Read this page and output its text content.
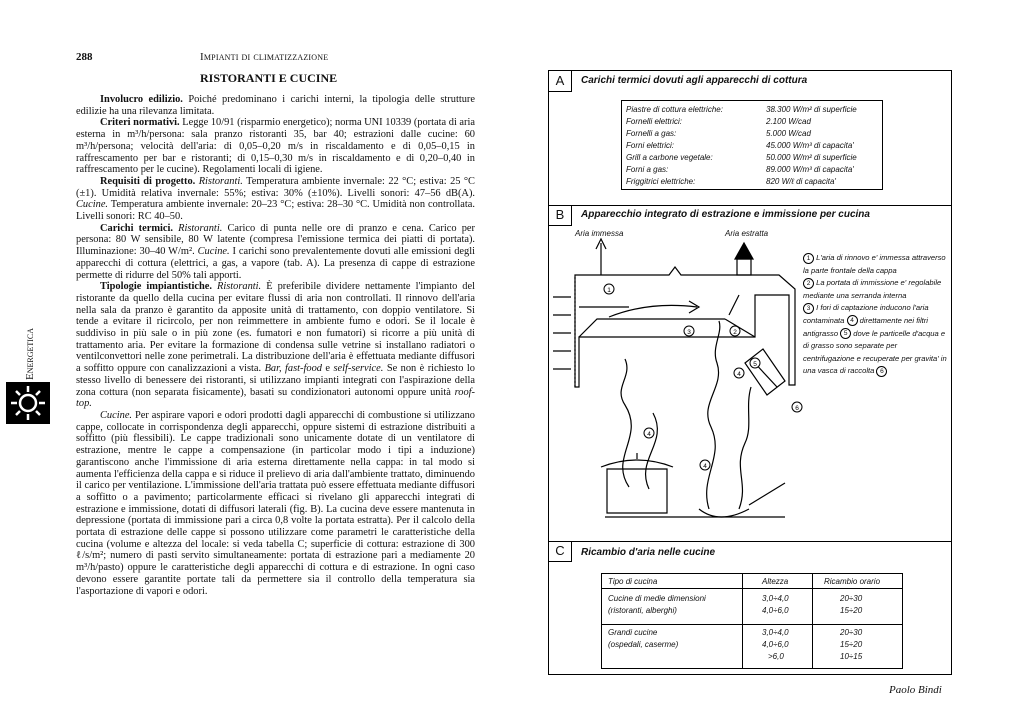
288	Impianti di climatizzazione
RISTORANTI E CUCINE
Energetica

Involucro edilizio. Poiché predominano i carichi interni, la tipologia delle strutture edilizie ha una rilevanza limitata.

Criteri normativi. Legge 10/91 (risparmio energetico); norma UNI 10339 (portata di aria esterna in m³/h/persona: sala pranzo ristoranti 35, bar 40; estrazioni dalle cucine: 60 m³/h/persona; velocità dell'aria: di 0,05–0,20 m/s in riscaldamento e di 0,05–0,15 in raffrescamento per bar e ristoranti; di 0,15–0,30 m/s in riscaldamento e di 0,20–0,40 in raffrescamento per le cucine). Regolamenti locali di igiene.

Requisiti di progetto. Ristoranti. Temperatura ambiente invernale: 22 °C; estiva: 25 °C (±1). Umidità relativa invernale: 55%; estiva: 30% (±10%). Livelli sonori: 47–56 dB(A). Cucine. Temperatura ambiente invernale: 20–23 °C; estiva: 28–30 °C. Umidità non controllata. Livelli sonori: RC 40–50.

Carichi termici. Ristoranti. Carico di punta nelle ore di pranzo e cena. Carico per persona: 80 W sensibile, 80 W latente (compresa l'emissione termica dei piatti di portata). Illuminazione: 30–40 W/m². Cucine. I carichi sono prevalentemente dovuti alle emissioni degli apparecchi di cottura (elettrici, a gas, a vapore (tab. A). La presenza di cappe di estrazione permette di ridurre del 50% tali apporti.

Tipologie impiantistiche. Ristoranti. È preferibile dividere nettamente l'impianto del ristorante da quello della cucina per evitare flussi di aria non controllati. Il rinnovo dell'aria nella sala da pranzo è garantito da apposite unità di trattamento, con doppio ventilatore. Si tende a evitare il ricircolo, per non reimmettere in ambiente fumo e odori. Se il locale è suddiviso in più sale o in più zone (es. fumatori e non fumatori) si ricorre a più unità di trattamento aria. Per evitare la formazione di condensa sulle vetrine si installano radiatori o ventilconvettori nelle zone perimetrali. La distribuzione dell'aria è effettuata mediante diffusori a soffitto oppure con canalizzazioni a vista. Bar, fast-food e self-service. Se non è richiesto lo stesso livello di benessere dei ristoranti, si utilizzano impianti integrati con l'aspirazione della zona cottura (non separata fisicamente), basati su condizionatori autonomi oppure unità roof-top.

Cucine. Per aspirare vapori e odori prodotti dagli apparecchi di combustione si utilizzano cappe, collocate in corrispondenza degli apparecchi, oppure sistemi di estrazione distribuiti a soffitto (più flessibili). Le cappe tradizionali sono unicamente dotate di un ventilatore di estrazione, mentre le cappe a compensazione (in particolar modo i tipi a induzione) garantiscono anche l'immissione di aria esterna direttamente nella cappa: in tal modo si aumenta l'efficienza della cappa e si riduce il prelievo di aria dall'ambiente trattato, diminuendo il carico per ventilazione. L'immissione dell'aria trattata può essere effettuata mediante diffusori a soffitto o a pavimento; particolarmente efficaci si rivelano gli apparecchi integrati di estrazione e immissione, dotati di diffusori laterali (fig. B). La cucina deve essere mantenuta in depressione (portata di immissione pari a circa 0,8 volte la portata estratta). Per il calcolo della portata di estrazione delle cappe si possono utilizzare come parametri le caratteristiche della cucina (volume e altezza del locale: si veda tabella C; superficie di cottura: estrazione di 300 ℓ/s/m²; numero di pasti servito simultaneamente: portata di estrazione pari a mediamente 20 m³/h/pasto) oppure le caratteristiche degli apparecchi di cottura e di estrazione. In ogni caso devono essere garantite portate tali da permettere sia il controllo della temperatura sia l'asportazione di vapori e odori.

Paolo Bindi
A	Carichi termici dovuti agli apparecchi di cottura
Piastre di cottura elettriche:	38.300 W/m² di superficie
Fornelli elettrici:	2.100 W/cad
Fornelli a gas:	5.000 W/cad
Forni elettrici:	45.000 W/m³ di capacita'
Grill a carbone vegetale:	50.000 W/m² di superficie
Forni a gas:	89.000 W/m³ di capacita'
Friggitrici elettriche:	820 W/ℓ di capacita'
B	Apparecchio integrato di estrazione e immissione per cucina
Aria immessa	Aria estratta
1
2
3
5
4
6
4
4
1 L'aria di rinnovo e' immessa attraverso la parte frontale della cappa
2 La portata di immissione e' regolabile mediante una serranda interna
3 I fori di captazione inducono l'aria contaminata 4 direttamente nei filtri antigrasso 5 dove le particelle d'acqua e di grasso sono separate per centrifugazione e recuperate per gravita' in una vasca di raccolta 6
C	Ricambio d'aria nelle cucine
Tipo di cucina	Altezza	Ricambio orario
Cucine di medie dimensioni	3,0÷4,0	20÷30
(ristoranti, alberghi)	4,0÷6,0	15÷20
Grandi cucine	3,0÷4,0	20÷30
(ospedali, caserme)	4,0÷6,0	15÷20
>6,0	10÷15
